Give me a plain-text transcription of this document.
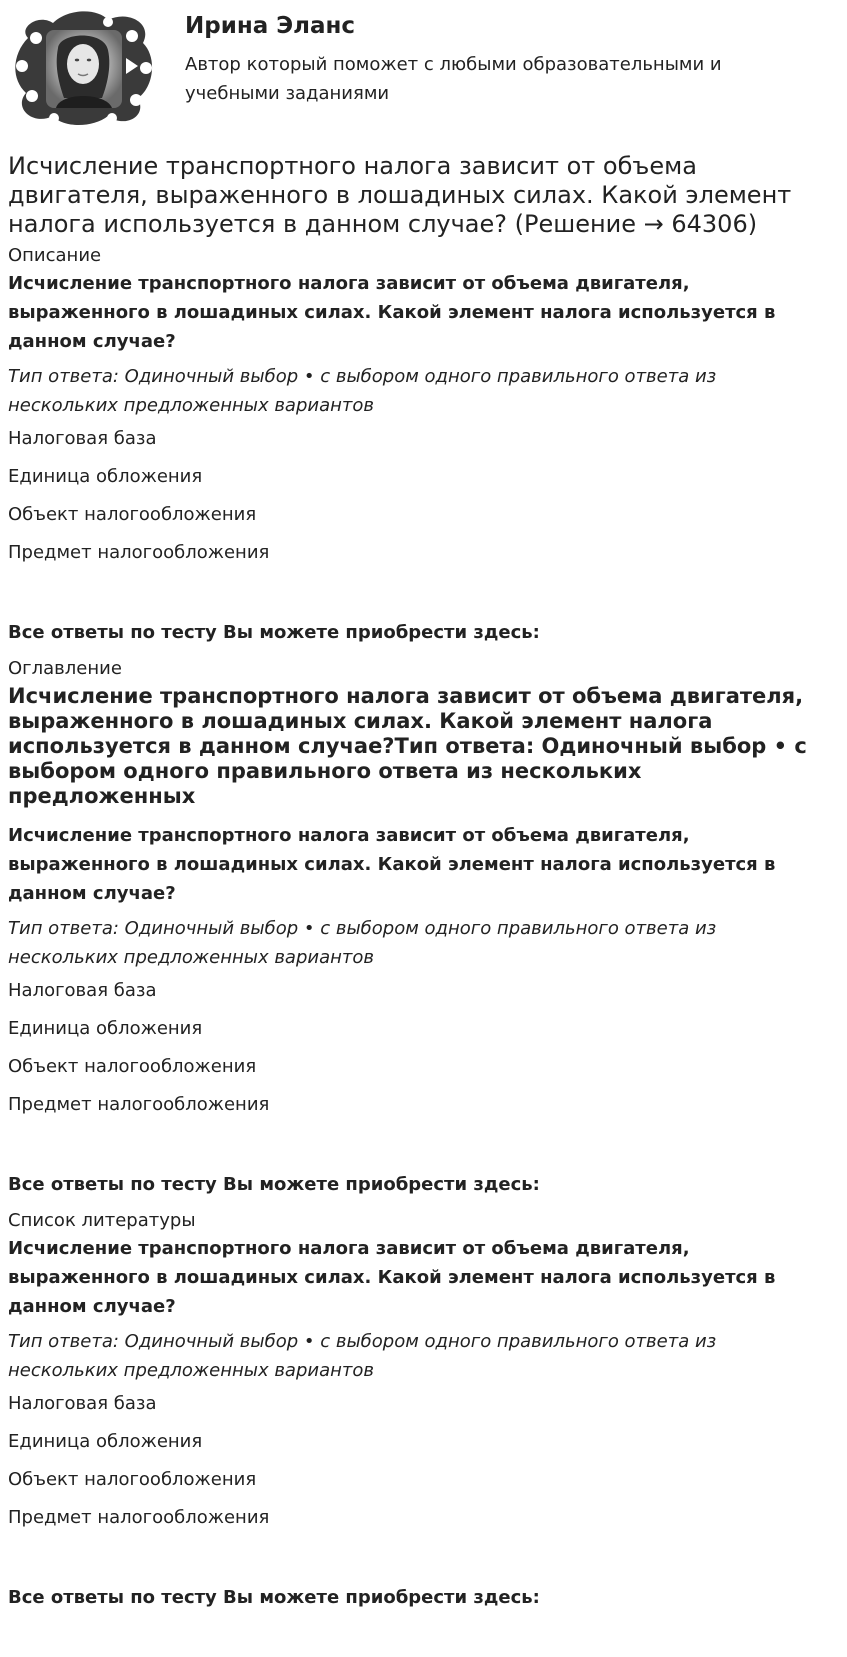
Ирина Эланс
Автор который поможет с любыми образовательными и учебными заданиями
Исчисление транспортного налога зависит от объема двигателя, выраженного в лошадиных силах. Какой элемент налога используется в данном случае? (Решение → 64306)
Описание
Исчисление транспортного налога зависит от объема двигателя, выраженного в лошадиных силах. Какой элемент налога используется в данном случае?
Тип ответа: Одиночный выбор • с выбором одного правильного ответа из нескольких предложенных вариантов
Налоговая база
Единица обложения
Объект налогообложения
Предмет налогообложения
Все ответы по тесту Вы можете приобрести здесь:
Оглавление
Исчисление транспортного налога зависит от объема двигателя, выраженного в лошадиных силах. Какой элемент налога используется в данном случае?Тип ответа: Одиночный выбор • с выбором одного правильного ответа из нескольких предложенных
Исчисление транспортного налога зависит от объема двигателя, выраженного в лошадиных силах. Какой элемент налога используется в данном случае?
Тип ответа: Одиночный выбор • с выбором одного правильного ответа из нескольких предложенных вариантов
Налоговая база
Единица обложения
Объект налогообложения
Предмет налогообложения
Все ответы по тесту Вы можете приобрести здесь:
Список литературы
Исчисление транспортного налога зависит от объема двигателя, выраженного в лошадиных силах. Какой элемент налога используется в данном случае?
Тип ответа: Одиночный выбор • с выбором одного правильного ответа из нескольких предложенных вариантов
Налоговая база
Единица обложения
Объект налогообложения
Предмет налогообложения
Все ответы по тесту Вы можете приобрести здесь:
